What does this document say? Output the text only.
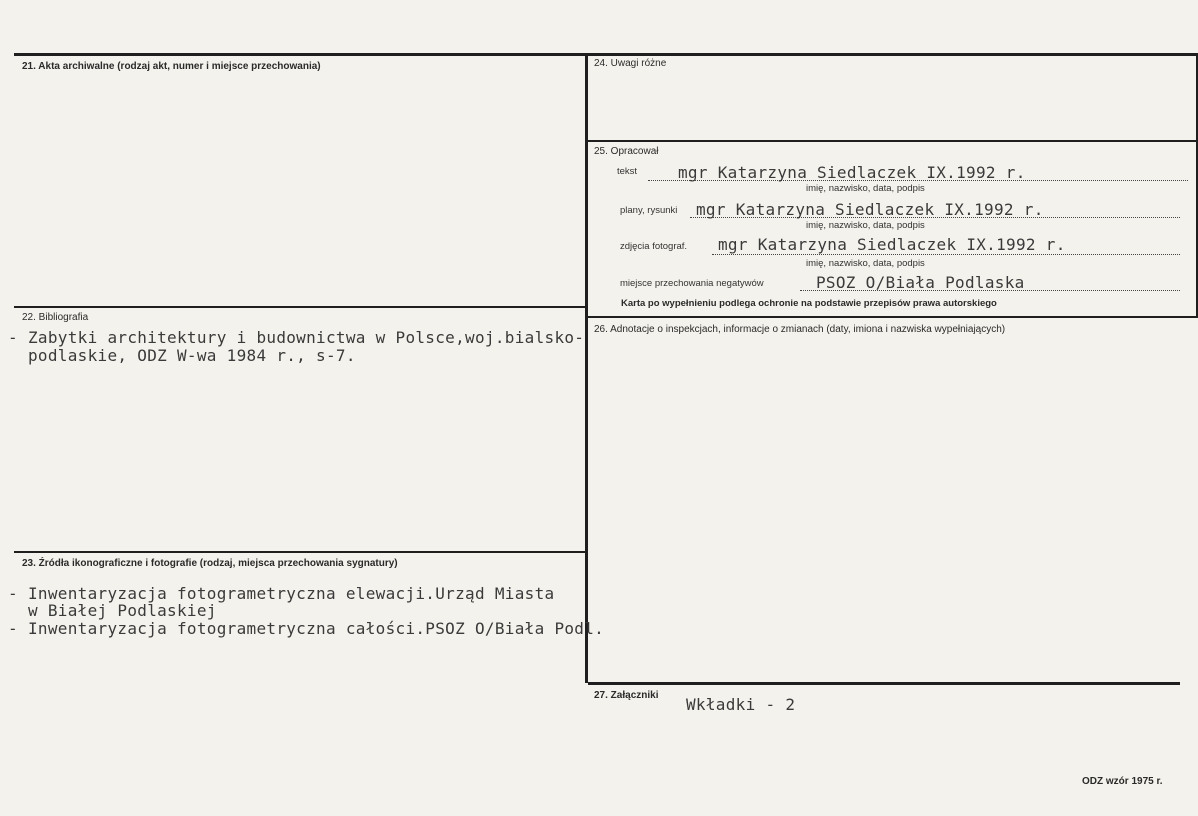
21. Akta archiwalne (rodzaj akt, numer i miejsce przechowania)
22. Bibliografia
- Zabytki architektury i budownictwa w Polsce,woj.bialsko-
podlaskie, ODZ W-wa 1984 r., s-7.
23. Źródła ikonograficzne i fotografie (rodzaj, miejsca przechowania sygnatury)
- Inwentaryzacja fotogrametryczna elewacji.Urząd Miasta
w Białej Podlaskiej
- Inwentaryzacja fotogrametryczna całości.PSOZ O/Biała Podl.
24. Uwagi różne
25. Opracował
tekst	mgr Katarzyna Siedlaczek IX.1992 r.
imię, nazwisko, data, podpis
plany, rysunki mgr Katarzyna Siedlaczek IX.1992 r.
imię, nazwisko, data, podpis
zdjęcia fotograf. mgr Katarzyna Siedlaczek IX.1992 r.
imię, nazwisko, data, podpis
miejsce przechowania negatywów	PSOZ O/Biała Podlaska
Karta po wypełnieniu podlega ochronie na podstawie przepisów prawa autorskiego
26. Adnotacje o inspekcjach, informacje o zmianach (daty, imiona i nazwiska wypełniających)
27. Załączniki Wkładki - 2
ODZ wzór 1975 r.
